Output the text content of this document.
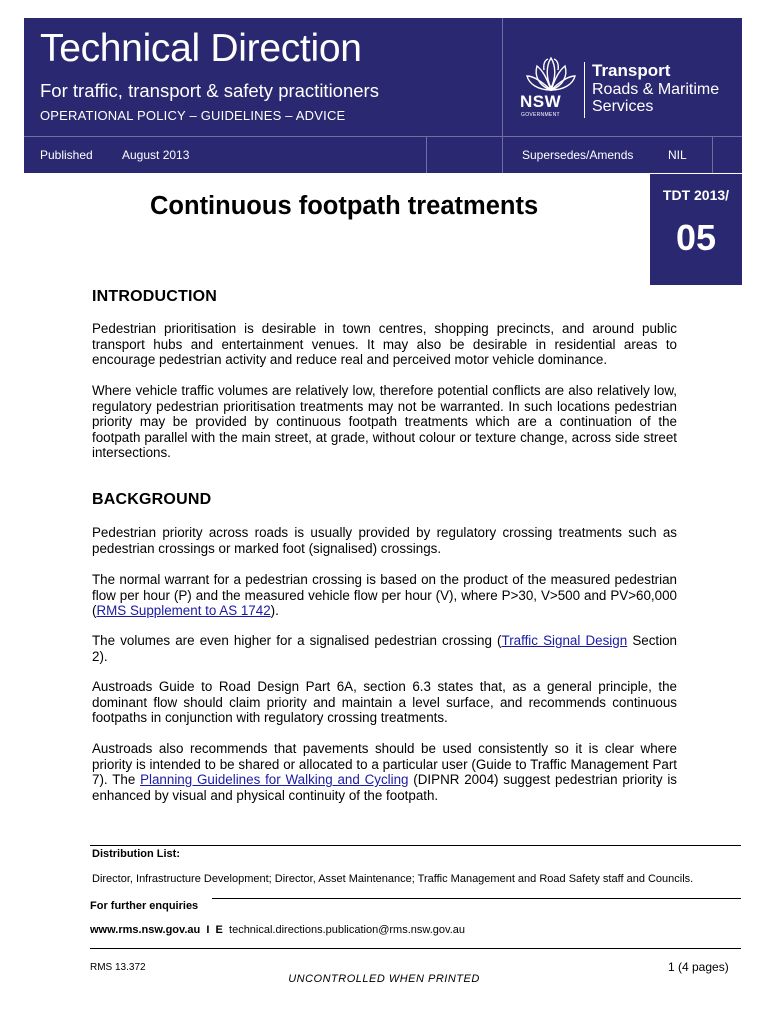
Technical Direction
For traffic, transport & safety practitioners
OPERATIONAL POLICY – GUIDELINES – ADVICE
Published August 2013	Supersedes/Amends	NIL
NSW
GOVERNMENT
Transport
Roads & Maritime
Services
TDT 2013/
05
Continuous footpath treatments
INTRODUCTION

Pedestrian prioritisation is desirable in town centres, shopping precincts, and around public transport hubs and entertainment venues. It may also be desirable in residential areas to encourage pedestrian activity and reduce real and perceived motor vehicle dominance.

Where vehicle traffic volumes are relatively low, therefore potential conflicts are also relatively low, regulatory pedestrian prioritisation treatments may not be warranted. In such locations pedestrian priority may be provided by continuous footpath treatments which are a continuation of the footpath parallel with the main street, at grade, without colour or texture change, across side street intersections.

BACKGROUND

Pedestrian priority across roads is usually provided by regulatory crossing treatments such as pedestrian crossings or marked foot (signalised) crossings.

The normal warrant for a pedestrian crossing is based on the product of the measured pedestrian flow per hour (P) and the measured vehicle flow per hour (V), where P>30, V>500 and PV>60,000 (RMS Supplement to AS 1742).

The volumes are even higher for a signalised pedestrian crossing (Traffic Signal Design Section 2).

Austroads Guide to Road Design Part 6A, section 6.3 states that, as a general principle, the dominant flow should claim priority and maintain a level surface, and recommends continuous footpaths in conjunction with regulatory crossing treatments.

Austroads also recommends that pavements should be used consistently so it is clear where priority is intended to be shared or allocated to a particular user (Guide to Traffic Management Part 7). The Planning Guidelines for Walking and Cycling (DIPNR 2004) suggest pedestrian priority is enhanced by visual and physical continuity of the footpath.

Distribution List:
Director, Infrastructure Development; Director, Asset Maintenance; Traffic Management and Road Safety staff and Councils.
For further enquiries
www.rms.nsw.gov.au I E technical.directions.publication@rms.nsw.gov.au
RMS 13.372	1 (4 pages)
UNCONTROLLED WHEN PRINTED
